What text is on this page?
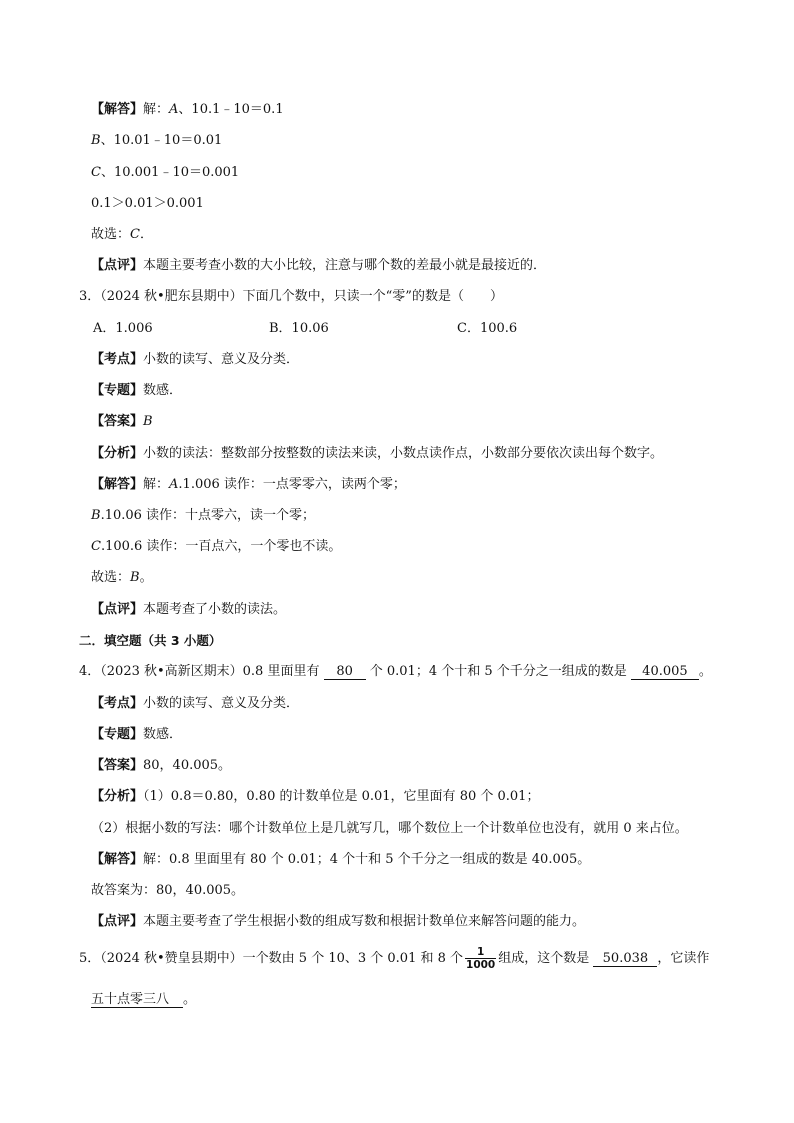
【解答】解：A、10.1﹣10＝0.1
B、10.01﹣10＝0.01
C、10.001﹣10＝0.001
0.1＞0.01＞0.001
故选：C．
【点评】本题主要考查小数的大小比较，注意与哪个数的差最小就是最接近的．
3．（2024 秋•肥东县期中）下面几个数中，只读一个“零”的数是（　　）
A．1.006	B．10.06	C．100.6
【考点】小数的读写、意义及分类．
【专题】数感．
【答案】B
【分析】小数的读法：整数部分按整数的读法来读，小数点读作点，小数部分要依次读出每个数字。
【解答】解：A.1.006 读作：一点零零六，读两个零；
B.10.06 读作：十点零六，读一个零；
C.100.6 读作：一百点六，一个零也不读。
故选：B。
【点评】本题考查了小数的读法。
二．填空题（共 3 小题）
4．（2023 秋•高新区期末）0.8 里面里有 80 个 0.01；4 个十和 5 个千分之一组成的数是 40.005 。
【考点】小数的读写、意义及分类．
【专题】数感．
【答案】80，40.005。
【分析】（1）0.8＝0.80，0.80 的计数单位是 0.01，它里面有 80 个 0.01；
（2）根据小数的写法：哪个计数单位上是几就写几，哪个数位上一个计数单位也没有，就用 0 来占位。
【解答】解：0.8 里面里有 80 个 0.01；4 个十和 5 个千分之一组成的数是 40.005。
故答案为：80，40.005。
【点评】本题主要考查了学生根据小数的组成写数和根据计数单位来解答问题的能力。
5．（2024 秋•赞皇县期中）一个数由 5 个 10、3 个 0.01 和 8 个 $\frac{1}{1000}$ 组成，这个数是 50.038 ，它读作
五十点零三八 。
